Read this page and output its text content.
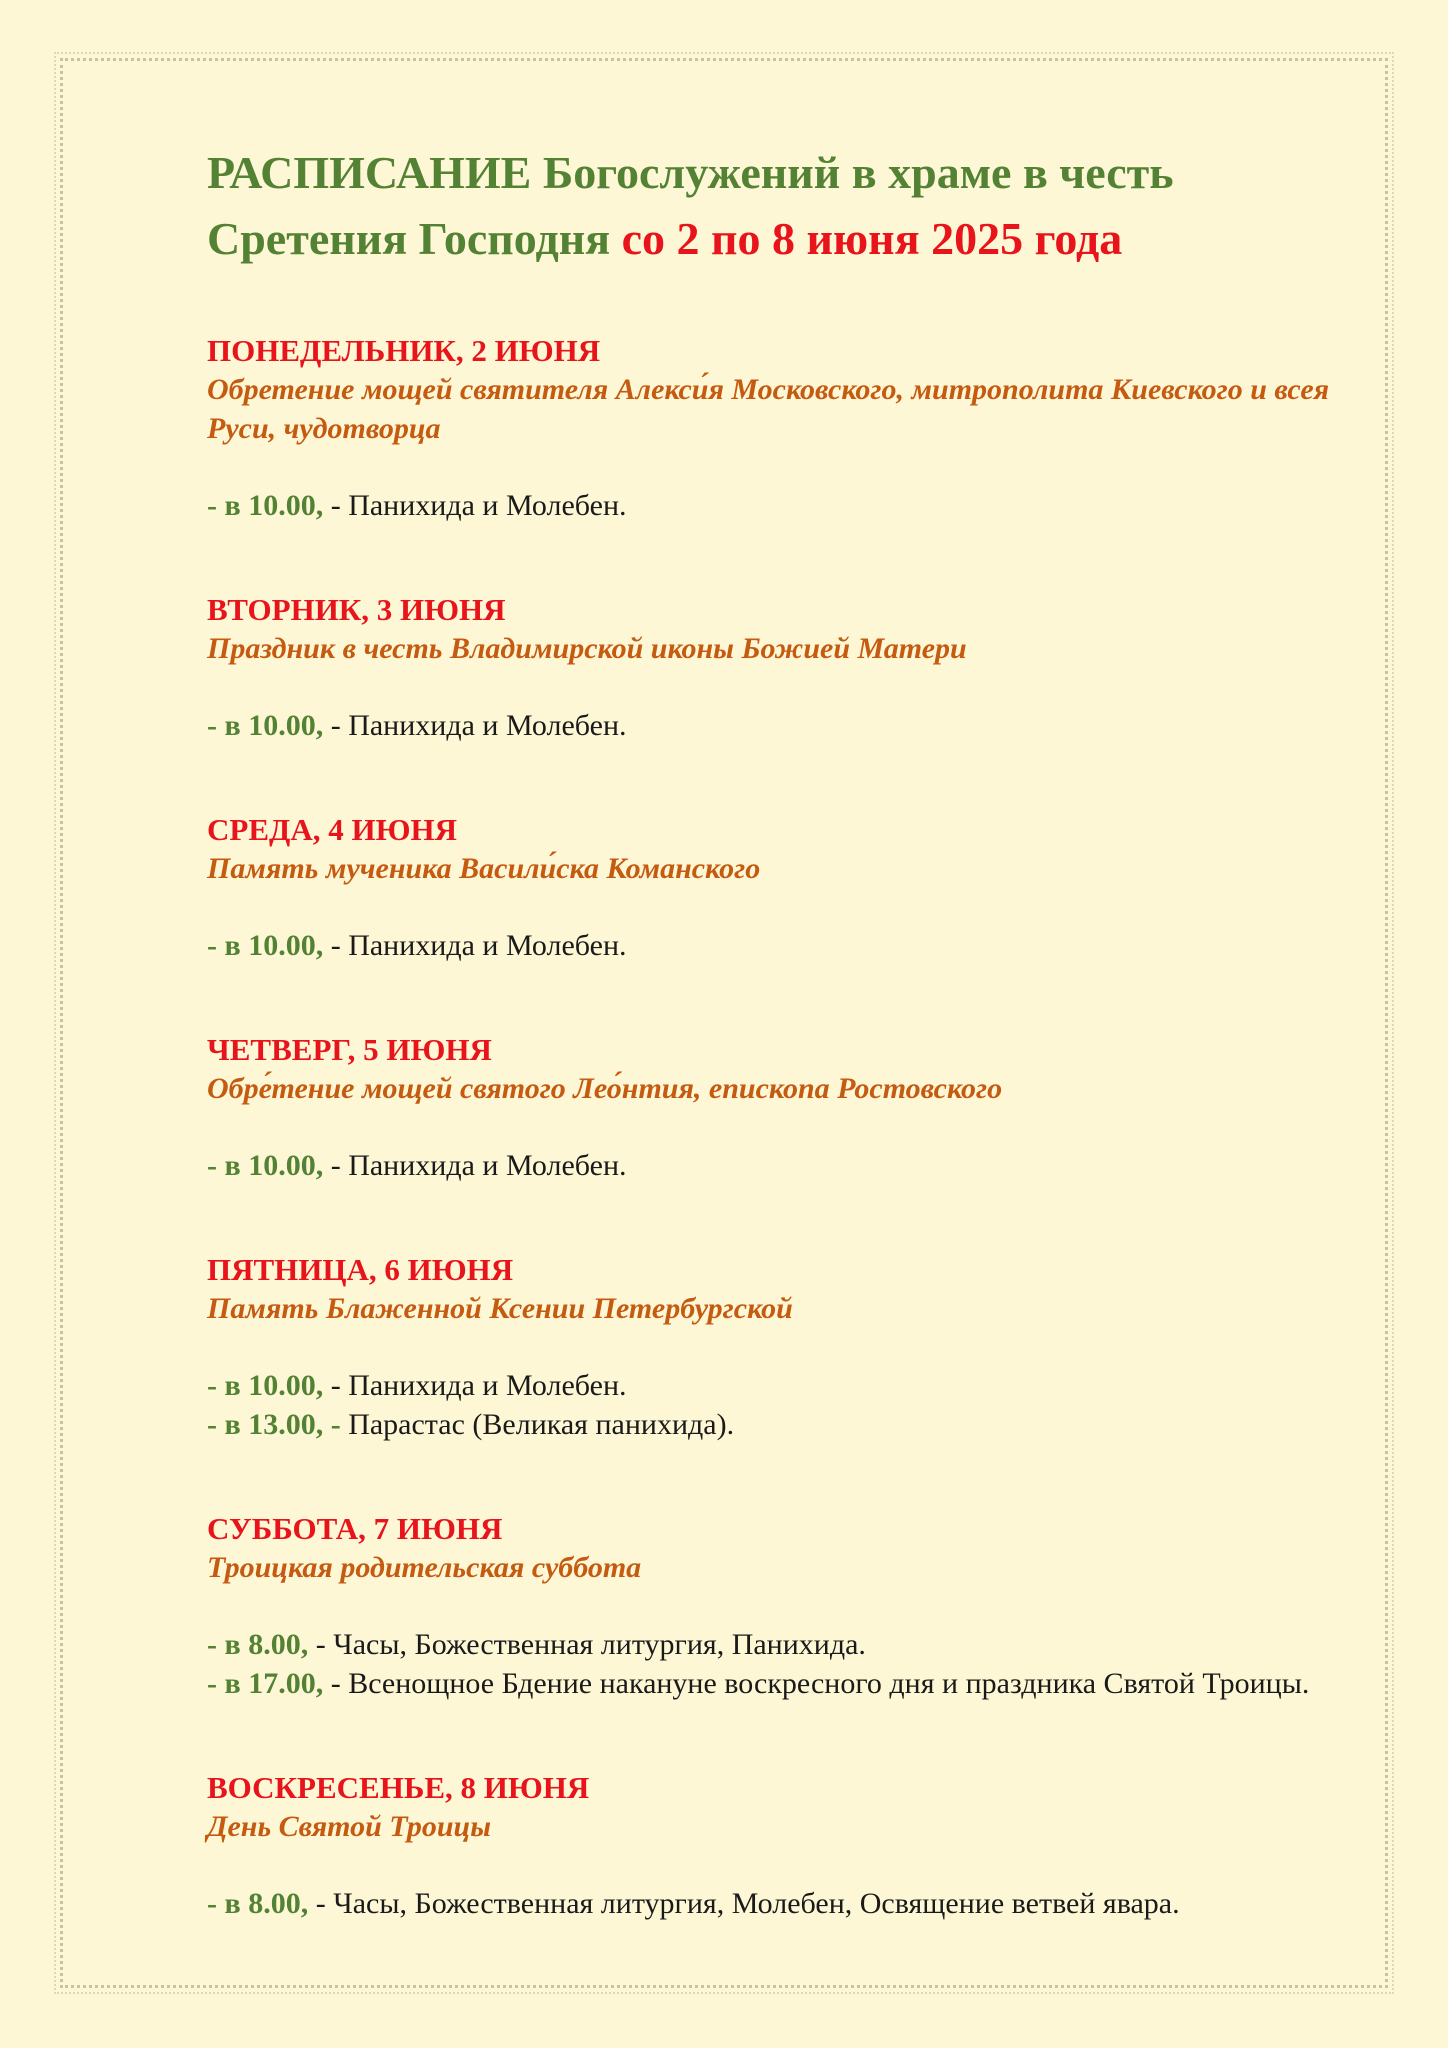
РАСПИСАНИЕ Богослужений в храме в честь Сретения Господня со 2 по 8 июня 2025 года
ПОНЕДЕЛЬНИК, 2 ИЮНЯ
Обретение мощей святителя Алекси́я Московского, митрополита Киевского и всея Руси, чудотворца
- в 10.00, - Панихида и Молебен.
ВТОРНИК, 3 ИЮНЯ
Праздник в честь Владимирской иконы Божией Матери
- в 10.00, - Панихида и Молебен.
СРЕДА, 4 ИЮНЯ
Память мученика Васили́ска Команского
- в 10.00, - Панихида и Молебен.
ЧЕТВЕРГ, 5 ИЮНЯ
Обре́тение мощей святого Лео́нтия, епископа Ростовского
- в 10.00, - Панихида и Молебен.
ПЯТНИЦА, 6 ИЮНЯ
Память Блаженной Ксении Петербургской
- в 10.00, - Панихида и Молебен.
- в 13.00, - Парастас (Великая панихида).
СУББОТА, 7 ИЮНЯ
Троицкая родительская суббота
- в 8.00, - Часы, Божественная литургия, Панихида.
- в 17.00, - Всенощное Бдение накануне воскресного дня и праздника Святой Троицы.
ВОСКРЕСЕНЬЕ, 8 ИЮНЯ
День Святой Троицы
- в 8.00, - Часы, Божественная литургия, Молебен, Освящение ветвей явара.
